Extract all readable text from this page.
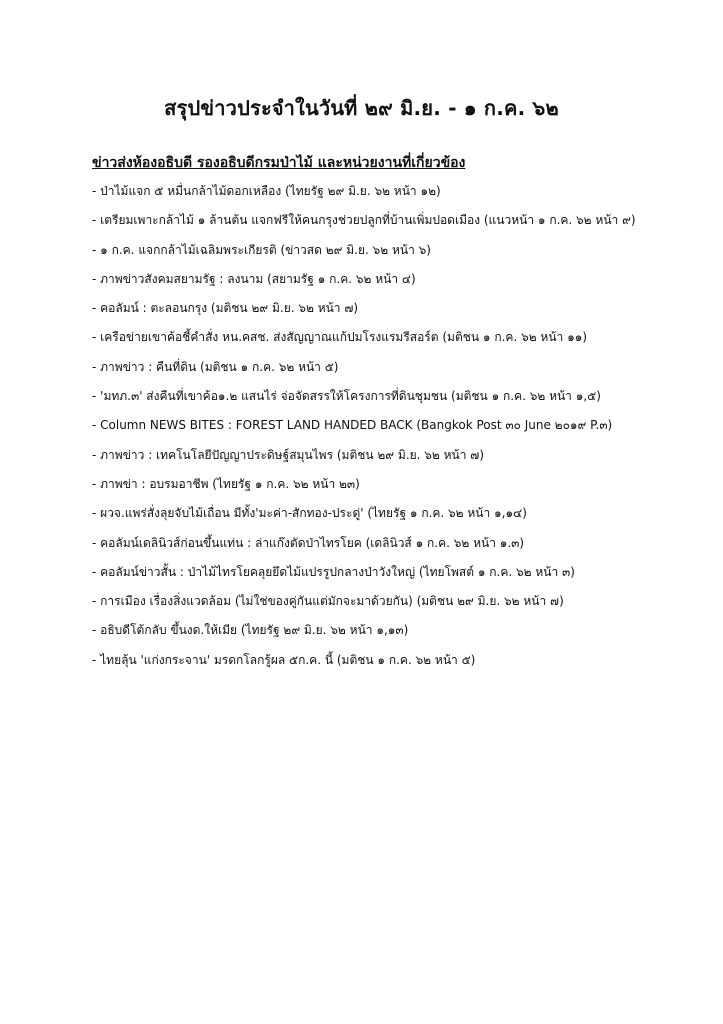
สรุปข่าวประจำในวันที่ ๒๙ มิ.ย. - ๑ ก.ค. ๖๒
ข่าวส่งห้องอธิบดี รองอธิบดีกรมป่าไม้ และหน่วยงานที่เกี่ยวข้อง
- ป่าไม้แจก ๕ หมื่นกล้าไม้ดอกเหลือง (ไทยรัฐ ๒๙ มิ.ย. ๖๒ หน้า ๑๒)
- เตรียมเพาะกล้าไม้ ๑ ล้านต้น แจกฟรีให้คนกรุงช่วยปลูกที่บ้านเพิ่มปอดเมือง (แนวหน้า ๑ ก.ค. ๖๒ หน้า ๙)
- ๑ ก.ค. แจกกล้าไม้เฉลิมพระเกียรติ (ข่าวสด ๒๙ มิ.ย. ๖๒ หน้า ๖)
- ภาพข่าวสังคมสยามรัฐ : ลงนาม (สยามรัฐ ๑ ก.ค. ๖๒ หน้า ๔)
- คอลัมน์ : ตะลอนกรุง (มติชน ๒๙ มิ.ย. ๖๒ หน้า ๗)
- เครือข่ายเขาค้อชี้คำสั่ง หน.คสช. ส่งสัญญาณแก้ปมโรงแรมรีสอร์ต (มติชน ๑ ก.ค. ๖๒ หน้า ๑๑)
- ภาพข่าว : คืนที่ดิน (มติชน ๑ ก.ค. ๖๒ หน้า ๕)
- 'มทภ.๓' ส่งคืนที่เขาค้อ๑.๒ แสนไร่ จ่อจัดสรรให้โครงการที่ดินชุมชน (มติชน ๑ ก.ค. ๖๒ หน้า ๑,๕)
- Column NEWS BITES : FOREST LAND HANDED BACK (Bangkok Post ๓๐ June ๒๐๑๙ P.๓)
- ภาพข่าว : เทคโนโลยีปัญญาประดิษฐ์สมุนไพร (มติชน ๒๙ มิ.ย. ๖๒ หน้า ๗)
- ภาพข่า : อบรมอาชีพ (ไทยรัฐ ๑ ก.ค. ๖๒ หน้า ๒๓)
- ผวจ.แพร่สั่งลุยจับไม้เถื่อน มีทั้ง'มะค่า-สักทอง-ประดู่' (ไทยรัฐ ๑ ก.ค. ๖๒ หน้า ๑,๑๔)
- คอลัมน์เดลินิวส์ก่อนขึ้นแท่น : ล่าแก๊งตัดป่าไทรโยค (เดลินิวส์ ๑ ก.ค. ๖๒ หน้า ๑.๓)
- คอลัมน์ข่าวสั้น : ป่าไม้ไทรโยคลุยยึดไม้แปรรูปกลางป่าวังใหญ่ (ไทยโพสต์ ๑ ก.ค. ๖๒ หน้า ๓)
- การเมือง เรื่องสิ่งแวดล้อม (ไม่ใช่ของคู่กันแต่มักจะมาด้วยกัน) (มติชน ๒๙ มิ.ย. ๖๒ หน้า ๗)
- อธิบดีโต้กลับ ขึ้นงด.ให้เมีย (ไทยรัฐ ๒๙ มิ.ย. ๖๒ หน้า ๑,๑๓)
- ไทยลุ้น 'แก่งกระจาน' มรดกโลกรู้ผล ๕ก.ค. นี้ (มติชน ๑ ก.ค. ๖๒ หน้า ๕)
